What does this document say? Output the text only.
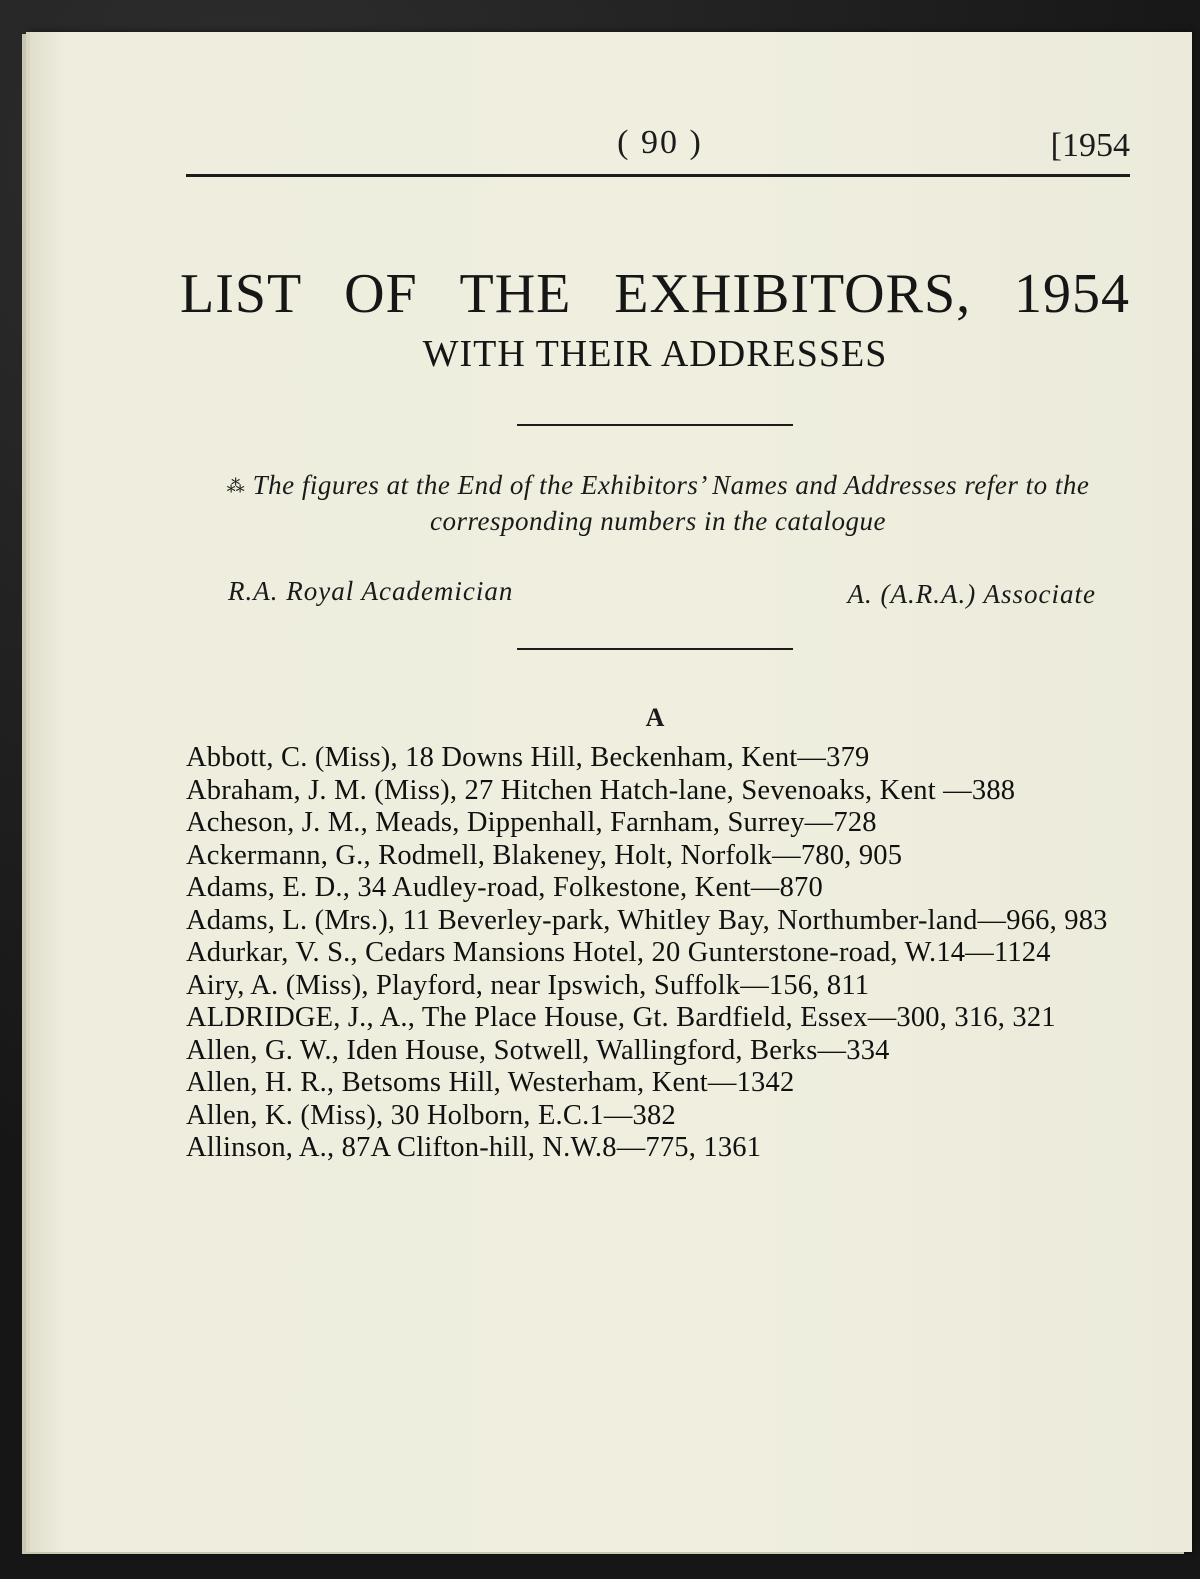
( 90 )	[1954
LIST OF THE EXHIBITORS, 1954
WITH THEIR ADDRESSES
⁂ The figures at the End of the Exhibitors’ Names and Addresses refer to the corresponding numbers in the catalogue
R.A. Royal Academician	A. (A.R.A.) Associate
A
Abbott, C. (Miss), 18 Downs Hill, Beckenham, Kent—379
Abraham, J. M. (Miss), 27 Hitchen Hatch-lane, Sevenoaks, Kent —388
Acheson, J. M., Meads, Dippenhall, Farnham, Surrey—728
Ackermann, G., Rodmell, Blakeney, Holt, Norfolk—780, 905
Adams, E. D., 34 Audley-road, Folkestone, Kent—870
Adams, L. (Mrs.), 11 Beverley-park, Whitley Bay, Northumber-land—966, 983
Adurkar, V. S., Cedars Mansions Hotel, 20 Gunterstone-road, W.14—1124
Airy, A. (Miss), Playford, near Ipswich, Suffolk—156, 811
ALDRIDGE, J., A., The Place House, Gt. Bardfield, Essex—300, 316, 321
Allen, G. W., Iden House, Sotwell, Wallingford, Berks—334
Allen, H. R., Betsoms Hill, Westerham, Kent—1342
Allen, K. (Miss), 30 Holborn, E.C.1—382
Allinson, A., 87A Clifton-hill, N.W.8—775, 1361
